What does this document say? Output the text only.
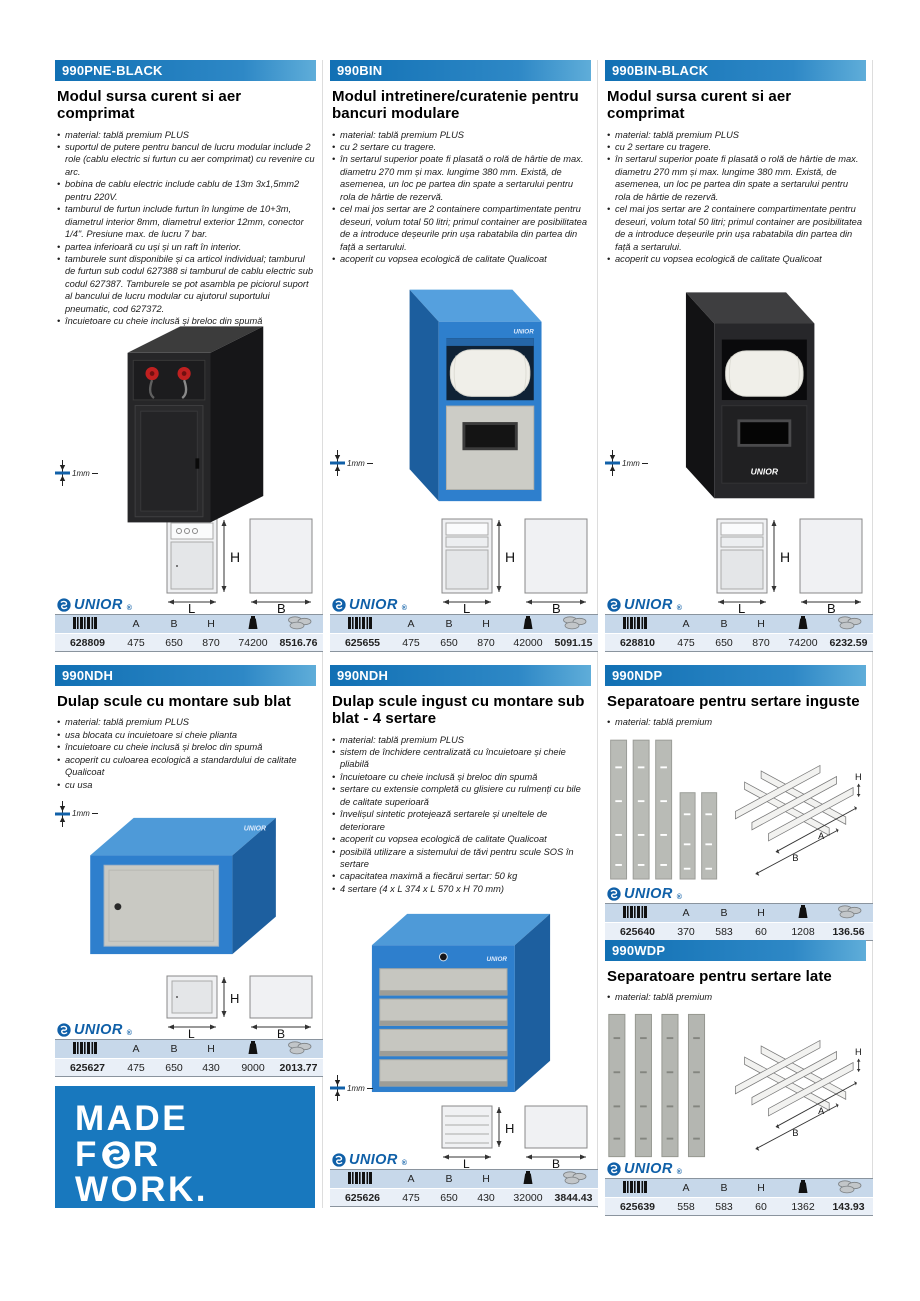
990PNE-BLACK
Modul sursa curent si aer comprimat
• material: tablă premium PLUS
• suportul de putere pentru bancul de lucru modular include 2 role (cablu electric si furtun cu aer comprimat) cu revenire cu arc.
• bobina de cablu electric include cablu de 13m 3x1,5mm2 pentru 220V.
• tamburul de furtun include furtun în lungime de 10+3m, diametrul interior 8mm, diametrul exterior 12mm, conector 1/4". Presiune max. de lucru 7 bar.
• partea inferioară cu uși și un raft în interior.
• tamburele sunt disponibile și ca articol individual; tamburul de furtun sub codul 627388 si tamburul de cablu electric sub codul 627387. Tamburele se pot asambla pe piciorul suport al bancului de lucru modular cu ajutorul suportului pneumatic, cod 627372.
• încuietoare cu cheie inclusă și breloc din spumă
1mm
UNIOR ®
H
L	B
	A	B	H		
628809	475	650	870	74200	8516.76
990NDH
Dulap scule cu montare sub blat
• material: tablă premium PLUS
• usa blocata cu incuietoare si cheie plianta
• încuietoare cu cheie inclusă și breloc din spumă
• acoperit cu culoarea ecologică a standardului de calitate Qualicoat
• cu usa
UNIOR
1mm
UNIOR ®
H
L	B
	A	B	H		
625627	475	650	430	9000	2013.77
MADE
F R
WORK.
990BIN
Modul intretinere/curatenie pentru bancuri modulare
• material: tablă premium PLUS
• cu 2 sertare cu tragere.
• în sertarul superior poate fi plasată o rolă de hârtie de max. diametru 270 mm și max. lungime 380 mm. Există, de asemenea, un loc pe partea din spate a sertarului pentru rola de hârtie de rezervă.
• cel mai jos sertar are 2 containere compartimentate pentru deseuri, volum total 50 litri; primul container are posibilitatea de a introduce deșeurile prin ușa rabatabila din partea din față a sertarului.
• acoperit cu vopsea ecologică de calitate Qualicoat
UNIOR
1mm
UNIOR ®
H
L	B
	A	B	H		
625655	475	650	870	42000	5091.15
990NDH
Dulap scule ingust cu montare sub blat - 4 sertare
• material: tablă premium PLUS
• sistem de închidere centralizată cu încuietoare și cheie pliabilă
• încuietoare cu cheie inclusă și breloc din spumă
• sertare cu extensie completă cu glisiere cu rulmenți cu bile de calitate superioară
• învelișul sintetic protejează sertarele și uneltele de deteriorare
• acoperit cu vopsea ecologică de calitate Qualicoat
• posibilă utilizare a sistemului de tăvi pentru scule SOS în sertare
• capacitatea maximă a fiecărui sertar: 50 kg
• 4 sertare (4 x L 374 x L 570 x H 70 mm)
UNIOR
1mm
UNIOR ®
H
L	B
	A	B	H		
625626	475	650	430	32000	3844.43
990BIN-BLACK
Modul sursa curent si aer comprimat
• material: tablă premium PLUS
• cu 2 sertare cu tragere.
• în sertarul superior poate fi plasată o rolă de hârtie de max. diametru 270 mm și max. lungime 380 mm. Există, de asemenea, un loc pe partea din spate a sertarului pentru rola de hârtie de rezervă.
• cel mai jos sertar are 2 containere compartimentate pentru deseuri, volum total 50 litri; primul container are posibilitatea de a introduce deșeurile prin ușa rabatabila din partea din față a sertarului.
• acoperit cu vopsea ecologică de calitate Qualicoat
UNIOR
1mm
UNIOR ®
H
L	B
	A	B	H		
628810	475	650	870	74200	6232.59
990NDP
Separatoare pentru sertare inguste
• material: tablă premium
H
A
B
UNIOR ®
	A	B	H		
625640	370	583	60	1208	136.56
990WDP
Separatoare pentru sertare late
• material: tablă premium
H
A
B
UNIOR ®
	A	B	H		
625639	558	583	60	1362	143.93
